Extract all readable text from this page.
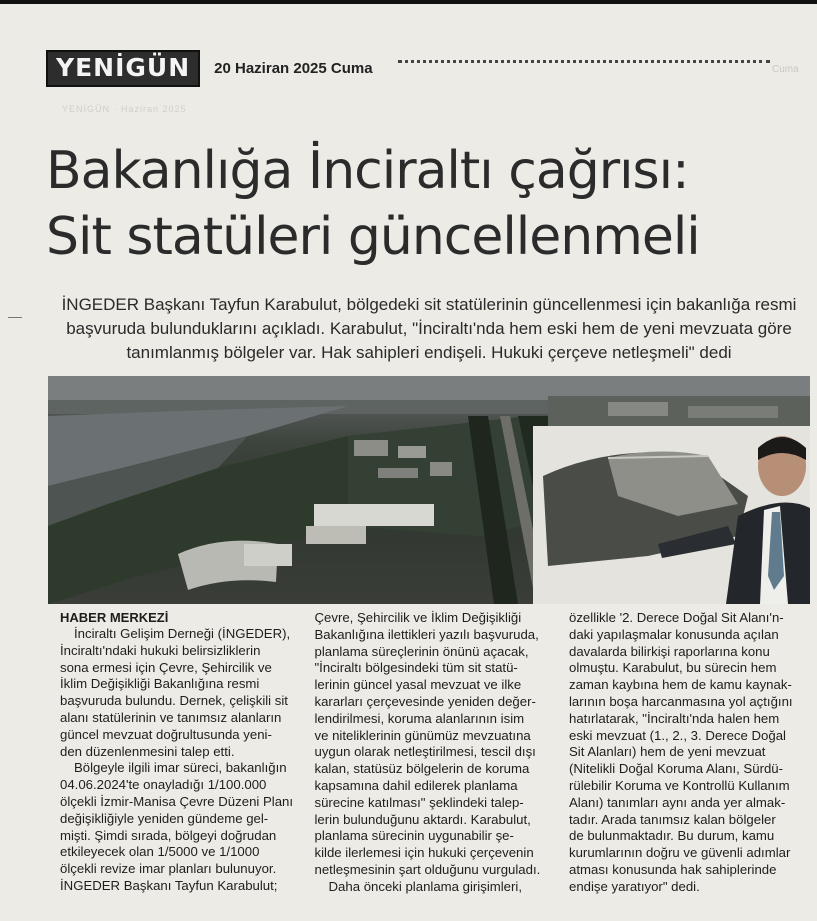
YENİGÜN	20 Haziran 2025 Cuma	Cuma
YENİGÜN · Haziran 2025
Bakanlığa İnciraltı çağrısı:
Sit statüleri güncellenmeli
İNGEDER Başkanı Tayfun Karabulut, bölgedeki sit statülerinin güncellenmesi için bakanlığa resmi
başvuruda bulunduklarını açıkladı. Karabulut, "İnciraltı'nda hem eski hem de yeni mevzuata göre
tanımlanmış bölgeler var. Hak sahipleri endişeli. Hukuki çerçeve netleşmeli" dedi

HABER MERKEZİ

İnciraltı Gelişim Derneği (İNGEDER),

İnciraltı'ndaki hukuki belirsizliklerin

sona ermesi için Çevre, Şehircilik ve

İklim Değişikliği Bakanlığına resmi

başvuruda bulundu. Dernek, çelişkili sit

alanı statülerinin ve tanımsız alanların

güncel mevzuat doğrultusunda yeni-

den düzenlenmesini talep etti.

Bölgeyle ilgili imar süreci, bakanlığın

04.06.2024'te onayladığı 1/100.000

ölçekli İzmir-Manisa Çevre Düzeni Planı

değişikliğiyle yeniden gündeme gel-

mişti. Şimdi sırada, bölgeyi doğrudan

etkileyecek olan 1/5000 ve 1/1000

ölçekli revize imar planları bulunuyor.

İNGEDER Başkanı Tayfun Karabulut;

Çevre, Şehircilik ve İklim Değişikliği

Bakanlığına ilettikleri yazılı başvuruda,

planlama süreçlerinin önünü açacak,

"İnciraltı bölgesindeki tüm sit statü-

lerinin güncel yasal mevzuat ve ilke

kararları çerçevesinde yeniden değer-

lendirilmesi, koruma alanlarının isim

ve niteliklerinin günümüz mevzuatına

uygun olarak netleştirilmesi, tescil dışı

kalan, statüsüz bölgelerin de koruma

kapsamına dahil edilerek planlama

sürecine katılması" şeklindeki talep-

lerin bulunduğunu aktardı. Karabulut,

planlama sürecinin uygunabilir şe-

kilde ilerlemesi için hukuki çerçevenin

netleşmesinin şart olduğunu vurguladı.

Daha önceki planlama girişimleri,

özellikle '2. Derece Doğal Sit Alanı'n-

daki yapılaşmalar konusunda açılan

davalarda bilirkişi raporlarına konu

olmuştu. Karabulut, bu sürecin hem

zaman kaybına hem de kamu kaynak-

larının boşa harcanmasına yol açtığını

hatırlatarak, "İnciraltı'nda halen hem

eski mevzuat (1., 2., 3. Derece Doğal

Sit Alanları) hem de yeni mevzuat

(Nitelikli Doğal Koruma Alanı, Sürdü-

rülebilir Koruma ve Kontrollü Kullanım

Alanı) tanımları aynı anda yer almak-

tadır. Arada tanımsız kalan bölgeler

de bulunmaktadır. Bu durum, kamu

kurumlarının doğru ve güvenli adımlar

atması konusunda hak sahiplerinde

endişe yaratıyor" dedi.
